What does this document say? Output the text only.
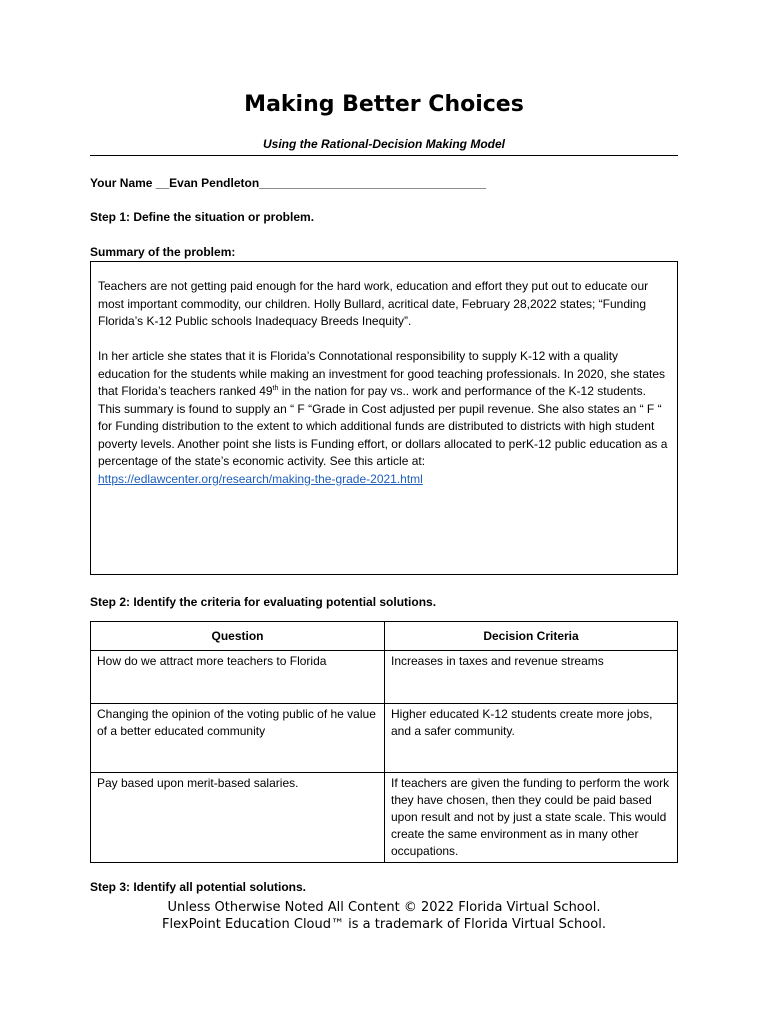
Making Better Choices
Using the Rational-Decision Making Model
Your Name __Evan Pendleton__________________________________
Step 1: Define the situation or problem.
Summary of the problem:

Teachers are not getting paid enough for the hard work, education and effort they put out to educate our most important commodity, our children. Holly Bullard, acritical date, February 28,2022 states; “Funding Florida’s K-12 Public schools Inadequacy Breeds Inequity”.

In her article she states that it is Florida’s Connotational responsibility to supply K-12 with a quality education for the students while making an investment for good teaching professionals. In 2020, she states that Florida’s teachers ranked 49th in the nation for pay vs.. work and performance of the K-12 students. This summary is found to supply an “ F “Grade in Cost adjusted per pupil revenue. She also states an “ F “ for Funding distribution to the extent to which additional funds are distributed to districts with high student poverty levels. Another point she lists is Funding effort, or dollars allocated to perK-12 public education as a percentage of the state’s economic activity. See this article at:
https://edlawcenter.org/research/making-the-grade-2021.html

Step 2: Identify the criteria for evaluating potential solutions.
Question	Decision Criteria
How do we attract more teachers to Florida	Increases in taxes and revenue streams
Changing the opinion of the voting public of he value of a better educated community	Higher educated K-12 students create more jobs, and a safer community.
Pay based upon merit-based salaries.	If teachers are given the funding to perform the work they have chosen, then they could be paid based upon result and not by just a state scale. This would create the same environment as in many other occupations.
Step 3: Identify all potential solutions.
Unless Otherwise Noted All Content © 2022 Florida Virtual School.
FlexPoint Education Cloud™ is a trademark of Florida Virtual School.
